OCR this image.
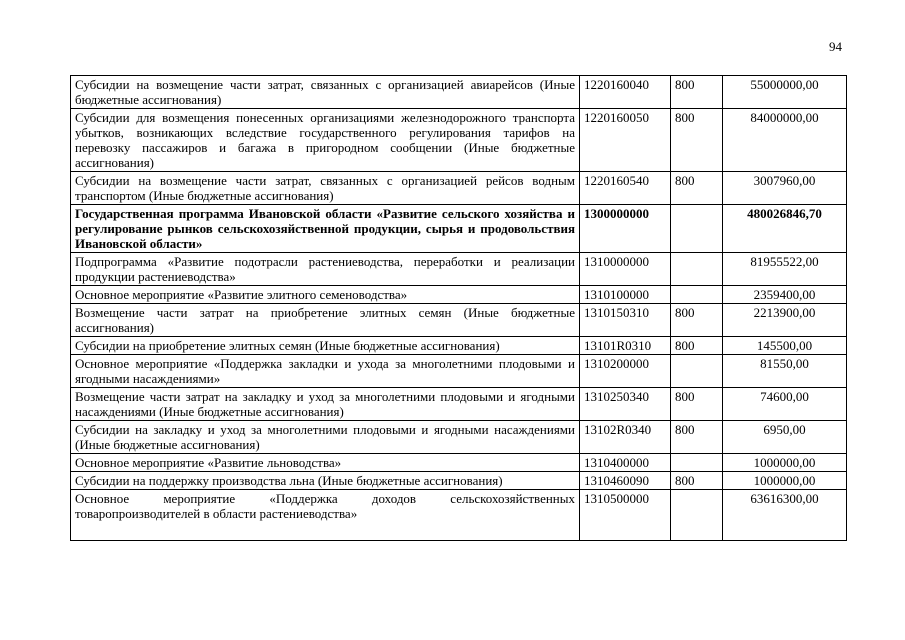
94
Субсидии на возмещение части затрат, связанных с организацией авиарейсов (Иные бюджетные ассигнования)	1220160040	800	55000000,00
Субсидии для возмещения понесенных организациями железнодорожного транспорта убытков, возникающих вследствие государственного регулирования тарифов на перевозку пассажиров и багажа в пригородном сообщении (Иные бюджетные ассигнования)	1220160050	800	84000000,00
Субсидии на возмещение части затрат, связанных с организацией рейсов водным транспортом (Иные бюджетные ассигнования)	1220160540	800	3007960,00
Государственная программа Ивановской области «Развитие сельского хозяйства и регулирование рынков сельскохозяйственной продукции, сырья и продовольствия Ивановской области»	1300000000		480026846,70
Подпрограмма «Развитие подотрасли растениеводства, переработки и реализации продукции растениеводства»	1310000000		81955522,00
Основное мероприятие «Развитие элитного семеноводства»	1310100000		2359400,00
Возмещение части затрат на приобретение элитных семян (Иные бюджетные ассигнования)	1310150310	800	2213900,00
Субсидии на приобретение элитных семян (Иные бюджетные ассигнования)	13101R0310	800	145500,00
Основное мероприятие «Поддержка закладки и ухода за многолетними плодовыми и ягодными насаждениями»	1310200000		81550,00
Возмещение части затрат на закладку и уход за многолетними плодовыми и ягодными насаждениями (Иные бюджетные ассигнования)	1310250340	800	74600,00
Субсидии на закладку и уход за многолетними плодовыми и ягодными насаждениями (Иные бюджетные ассигнования)	13102R0340	800	6950,00
Основное мероприятие «Развитие льноводства»	1310400000		1000000,00
Субсидии на поддержку производства льна (Иные бюджетные ассигнования)	1310460090	800	1000000,00
Основное мероприятие «Поддержка доходов сельскохозяйственных товаропроизводителей в области растениеводства»	1310500000		63616300,00
